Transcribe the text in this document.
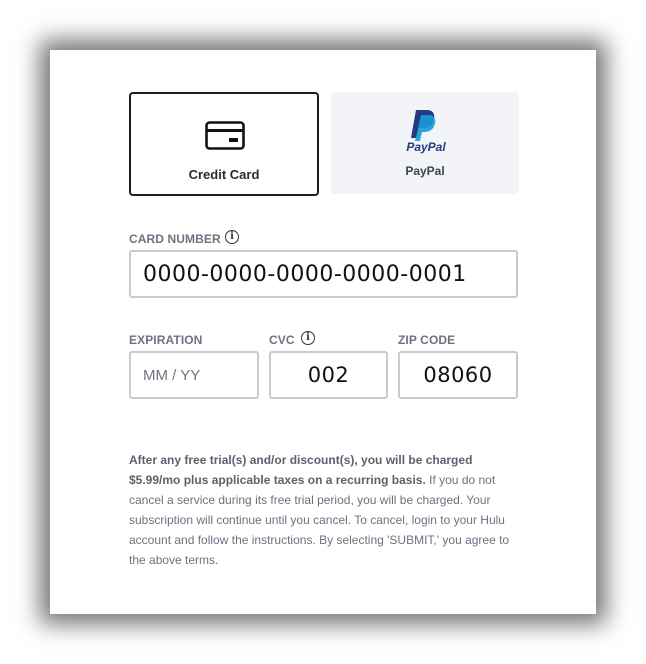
Credit Card
PayPal
PayPal
CARD NUMBER i
0000-0000-0000-0000-0001
EXPIRATION
MM / YY
CVC	i
002
ZIP CODE
08060
After any free trial(s) and/or discount(s), you will be charged $5.99/mo plus applicable taxes on a recurring basis. If you do not cancel a service during its free trial period, you will be charged. Your subscription will continue until you cancel. To cancel, login to your Hulu account and follow the instructions. By selecting 'SUBMIT,' you agree to the above terms.
